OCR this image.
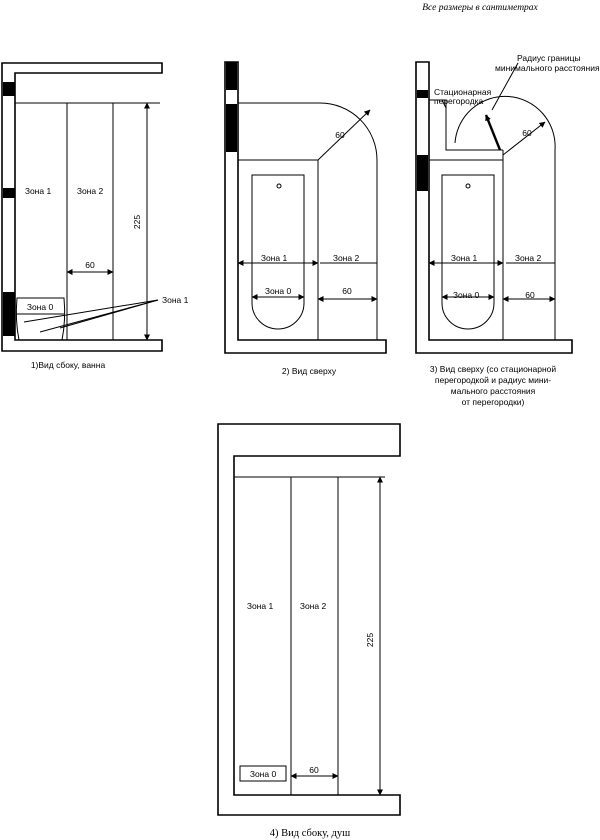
Все размеры в сантиметрах
Зона 1	Зона 2
Зона 0
60
225
Зона 1
1)Вид сбоку, ванна
60
Зона 1	Зона 2
Зона 0	60
2) Вид сверху
60
Стационарная
перегородка
Радиус границы
минимального расстояния
Зона 1	Зона 2
Зона 0	60
3) Вид сверху (со стационарной
перегородкой и радиус мини-
мального расстояния
от перегородки)
Зона 1	Зона 2
Зона 0	60
225
4) Вид сбоку, душ
